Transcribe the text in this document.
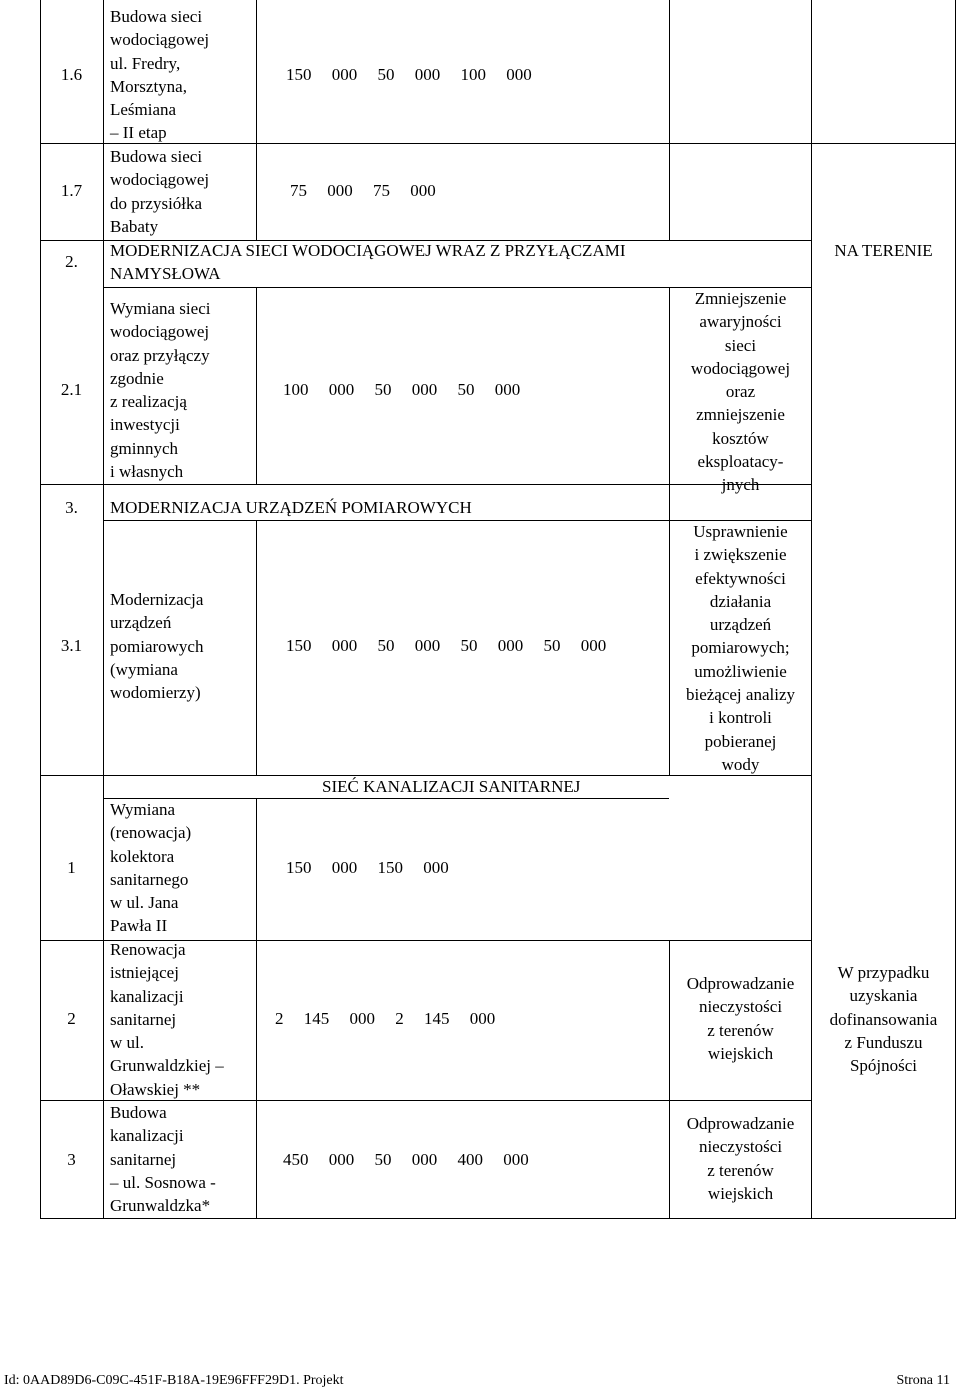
1.6
Budowa sieci
wodociągowej
ul. Fredry,
Morsztyna,
Leśmiana
– II etap
150 000 50 000 100 000
1.7
Budowa sieci
wodociągowej
do przysiółka
Babaty
75 000 75 000
2.
MODERNIZACJA SIECI WODOCIĄGOWEJ WRAZ Z PRZYŁĄCZAMI
NAMYSŁOWA
NA TERENIE
2.1
Wymiana sieci
wodociągowej
oraz przyłączy
zgodnie
z realizacją
inwestycji
gminnych
i własnych
100 000 50 000 50 000
Zmniejszenie
awaryjności
sieci
wodociągowej
oraz
zmniejszenie
kosztów
eksploatacy-
jnych
3.	MODERNIZACJA URZĄDZEŃ POMIAROWYCH
3.1
Modernizacja
urządzeń
pomiarowych
(wymiana
wodomierzy)
150 000 50 000 50 000 50 000
Usprawnienie
i zwiększenie
efektywności
działania
urządzeń
pomiarowych;
umożliwienie
bieżącej analizy
i kontroli
pobieranej
wody
SIEĆ KANALIZACJI SANITARNEJ
1
Wymiana
(renowacja)
kolektora
sanitarnego
w ul. Jana
Pawła II
150 000 150 000
2
Renowacja
istniejącej
kanalizacji
sanitarnej
w ul.
Grunwaldzkiej –
Oławskiej **
2 145 000 2 145 000
Odprowadzanie
nieczystości
z terenów
wiejskich
W przypadku
uzyskania
dofinansowania
z Funduszu
Spójności
3
Budowa
kanalizacji
sanitarnej
– ul. Sosnowa -
Grunwaldzka*
450 000 50 000 400 000
Odprowadzanie
nieczystości
z terenów
wiejskich
Id: 0AAD89D6-C09C-451F-B18A-19E96FFF29D1. Projekt	Strona 11
